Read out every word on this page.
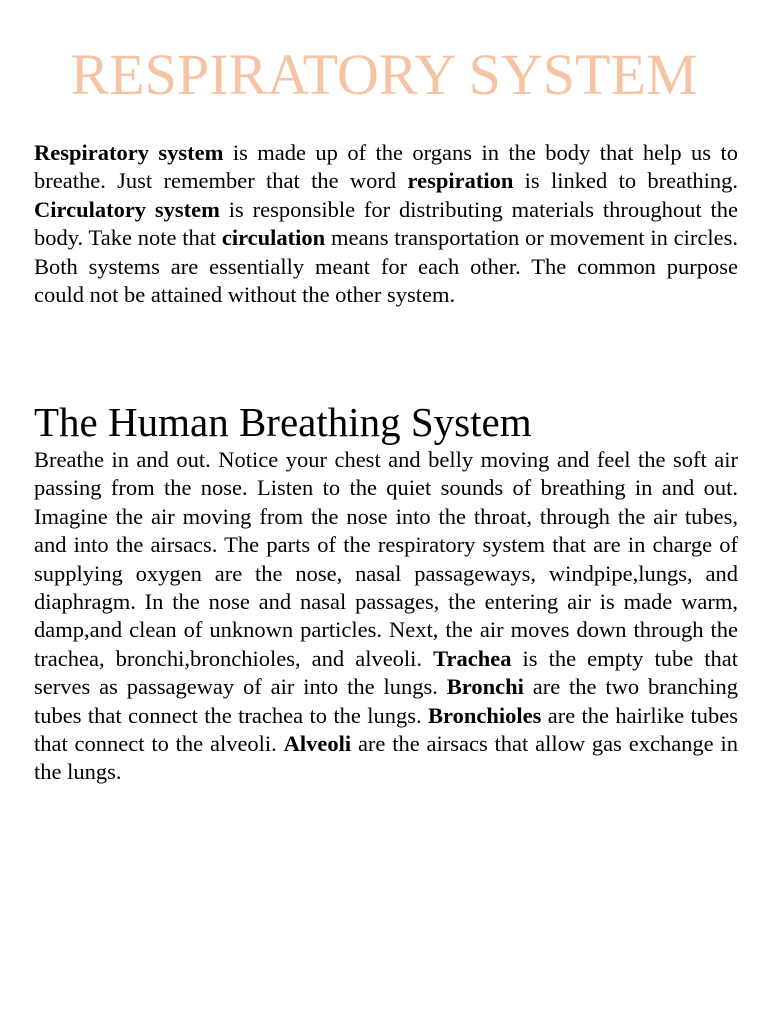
RESPIRATORY SYSTEM

Respiratory system is made up of the organs in the body that help us to breathe. Just remember that the word respiration is linked to breathing. Circulatory system is responsible for distributing materials throughout the body. Take note that circulation means transportation or movement in circles. Both systems are essentially meant for each other. The common purpose could not be attained without the other system.

The Human Breathing System

Breathe in and out. Notice your chest and belly moving and feel the soft air passing from the nose. Listen to the quiet sounds of breathing in and out. Imagine the air moving from the nose into the throat, through the air tubes, and into the airsacs. The parts of the respiratory system that are in charge of supplying oxygen are the nose, nasal passageways, windpipe,lungs, and diaphragm. In the nose and nasal passages, the entering air is made warm, damp,and clean of unknown particles. Next, the air moves down through the trachea, bronchi,bronchioles, and alveoli. Trachea is the empty tube that serves as passageway of air into the lungs. Bronchi are the two branching tubes that connect the trachea to the lungs. Bronchioles are the hairlike tubes that connect to the alveoli. Alveoli are the airsacs that allow gas exchange in the lungs.
